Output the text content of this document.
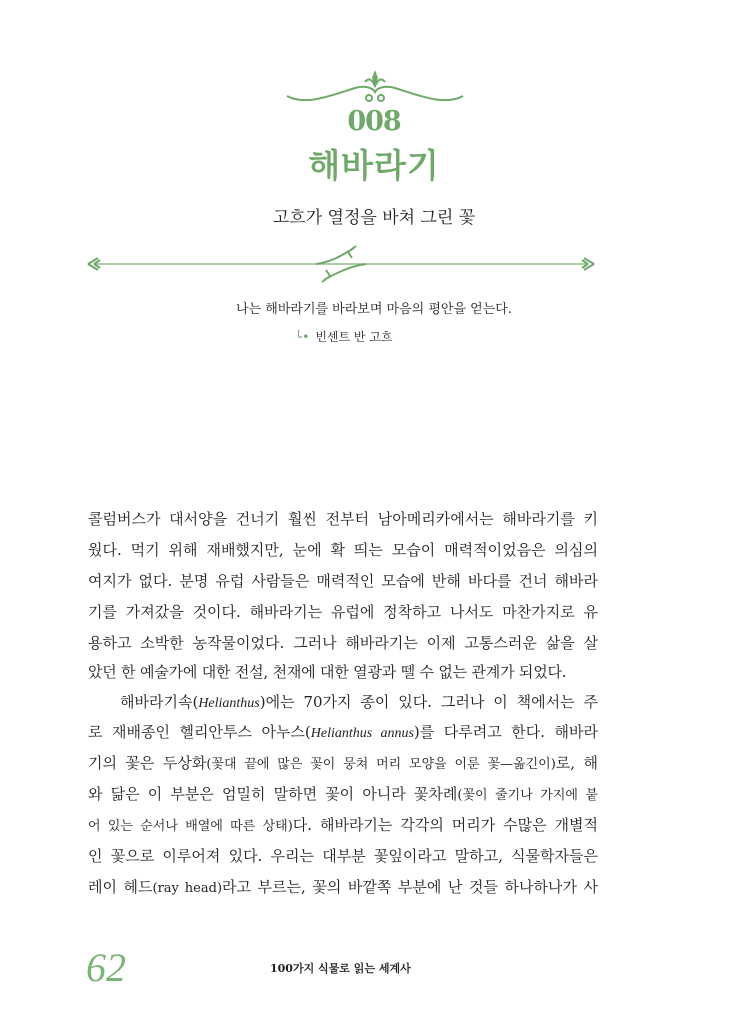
008
해바라기
고흐가 열정을 바쳐 그린 꽃
나는 해바라기를 바라보며 마음의 평안을 얻는다.
└• 빈센트 반 고흐
콜럼버스가 대서양을 건너기 훨씬 전부터 남아메리카에서는 해바라기를 키
웠다. 먹기 위해 재배했지만, 눈에 확 띄는 모습이 매력적이었음은 의심의
여지가 없다. 분명 유럽 사람들은 매력적인 모습에 반해 바다를 건너 해바라
기를 가져갔을 것이다. 해바라기는 유럽에 정착하고 나서도 마찬가지로 유
용하고 소박한 농작물이었다. 그러나 해바라기는 이제 고통스러운 삶을 살
았던 한 예술가에 대한 전설, 천재에 대한 열광과 뗄 수 없는 관계가 되었다.
해바라기속(Helianthus)에는 70가지 종이 있다. 그러나 이 책에서는 주
로 재배종인 헬리안투스 아누스(Helianthus annus)를 다루려고 한다. 해바라
기의 꽃은 두상화(꽃대 끝에 많은 꽃이 뭉쳐 머리 모양을 이룬 꽃—옮긴이)로, 해
와 닮은 이 부분은 엄밀히 말하면 꽃이 아니라 꽃차례(꽃이 줄기나 가지에 붙
어 있는 순서나 배열에 따른 상태)다. 해바라기는 각각의 머리가 수많은 개별적
인 꽃으로 이루어져 있다. 우리는 대부분 꽃잎이라고 말하고, 식물학자들은
레이 헤드(ray head)라고 부르는, 꽃의 바깥쪽 부분에 난 것들 하나하나가 사
62	100가지 식물로 읽는 세계사
